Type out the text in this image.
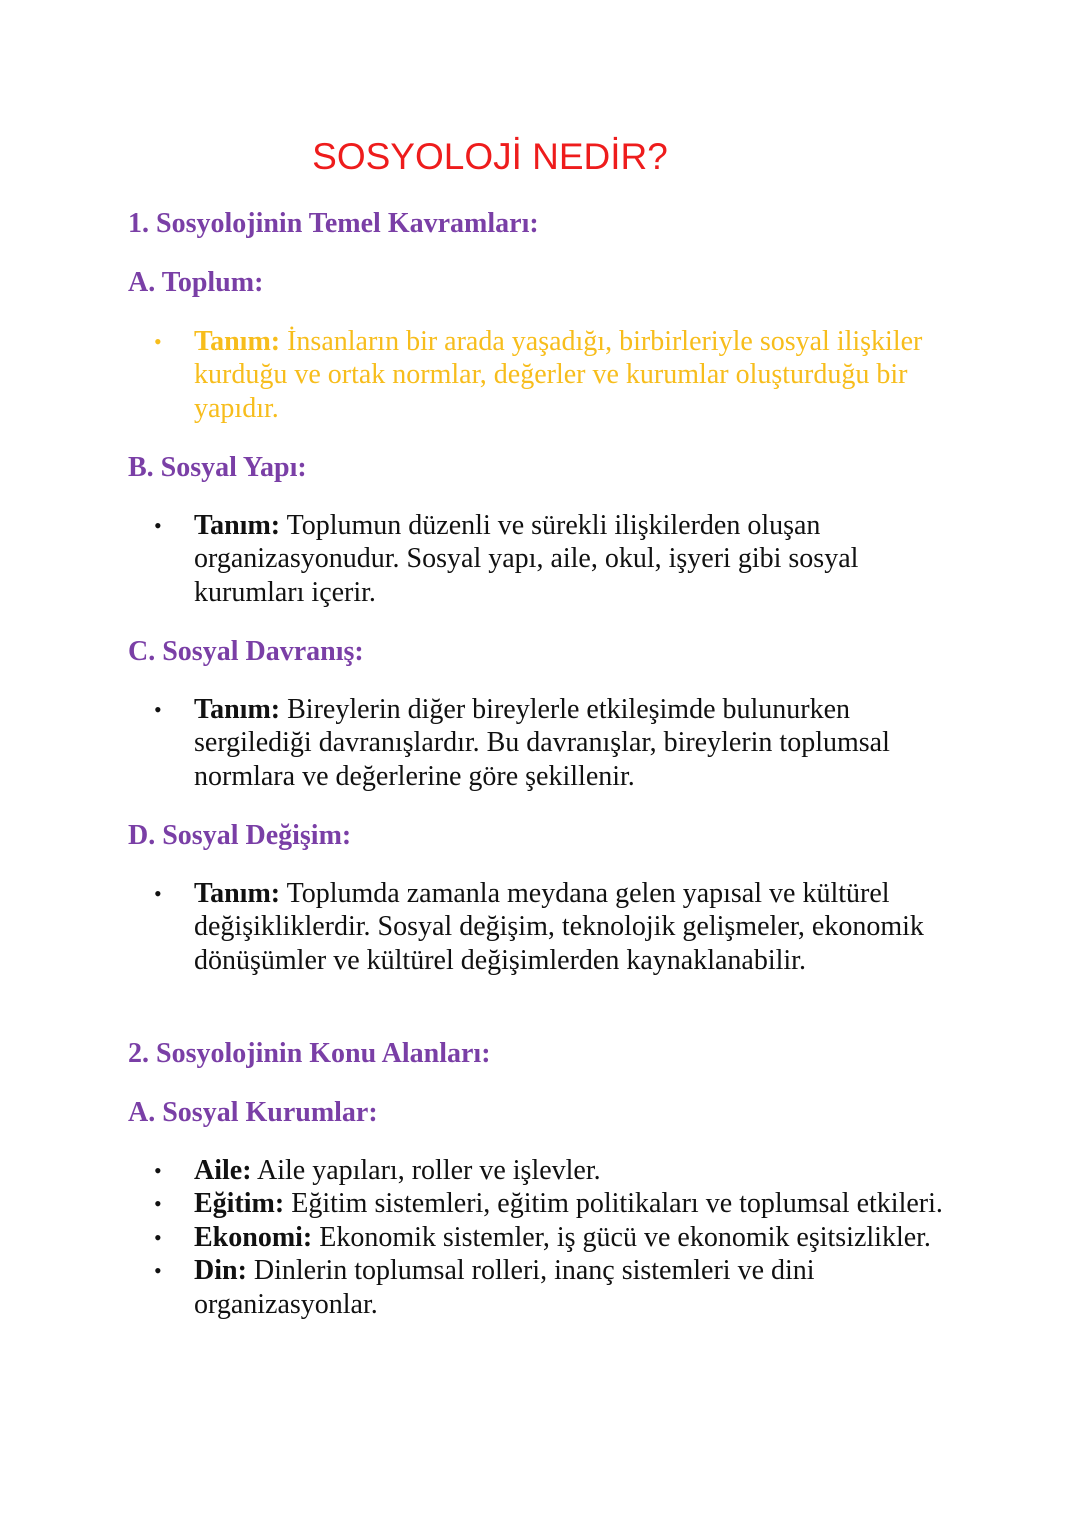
SOSYOLOJİ NEDİR?
1. Sosyolojinin Temel Kavramları:
A. Toplum:
• Tanım: İnsanların bir arada yaşadığı, birbirleriyle sosyal ilişkiler kurduğu ve ortak normlar, değerler ve kurumlar oluşturduğu bir yapıdır.
B. Sosyal Yapı:
• Tanım: Toplumun düzenli ve sürekli ilişkilerden oluşan organizasyonudur. Sosyal yapı, aile, okul, işyeri gibi sosyal kurumları içerir.
C. Sosyal Davranış:
• Tanım: Bireylerin diğer bireylerle etkileşimde bulunurken sergilediği davranışlardır. Bu davranışlar, bireylerin toplumsal normlara ve değerlerine göre şekillenir.
D. Sosyal Değişim:
• Tanım: Toplumda zamanla meydana gelen yapısal ve kültürel değişikliklerdir. Sosyal değişim, teknolojik gelişmeler, ekonomik dönüşümler ve kültürel değişimlerden kaynaklanabilir.
2. Sosyolojinin Konu Alanları:
A. Sosyal Kurumlar:
• Aile: Aile yapıları, roller ve işlevler.
• Eğitim: Eğitim sistemleri, eğitim politikaları ve toplumsal etkileri.
• Ekonomi: Ekonomik sistemler, iş gücü ve ekonomik eşitsizlikler.
• Din: Dinlerin toplumsal rolleri, inanç sistemleri ve dini organizasyonlar.
